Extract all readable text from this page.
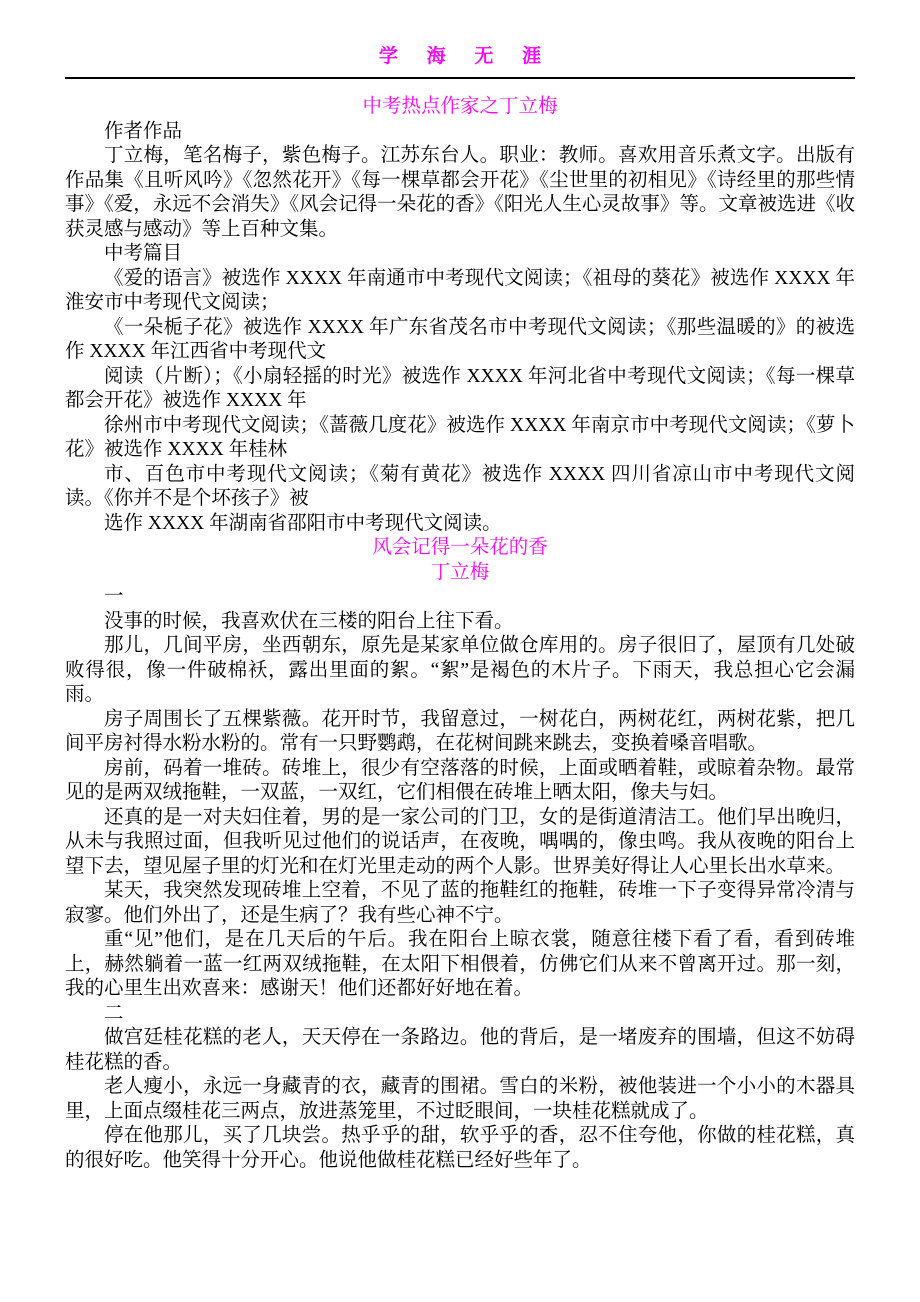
学 海 无 涯
中考热点作家之丁立梅
作者作品
丁立梅，笔名梅子，紫色梅子。江苏东台人。职业：教师。喜欢用音乐煮文字。出版有作品集《且听风吟》《忽然花开》《每一棵草都会开花》《尘世里的初相见》《诗经里的那些情事》《爱，永远不会消失》《风会记得一朵花的香》《阳光人生心灵故事》等。文章被选进《收获灵感与感动》等上百种文集。
中考篇目
《爱的语言》被选作 XXXX 年南通市中考现代文阅读；《祖母的葵花》被选作 XXXX 年淮安市中考现代文阅读；
《一朵栀子花》被选作 XXXX 年广东省茂名市中考现代文阅读；《那些温暖的》的被选作 XXXX 年江西省中考现代文
阅读（片断）；《小扇轻摇的时光》被选作 XXXX 年河北省中考现代文阅读；《每一棵草都会开花》被选作 XXXX 年
徐州市中考现代文阅读；《蔷薇几度花》被选作 XXXX 年南京市中考现代文阅读；《萝卜花》被选作 XXXX 年桂林
市、百色市中考现代文阅读；《菊有黄花》被选作 XXXX 四川省凉山市中考现代文阅读。《你并不是个坏孩子》被
选作 XXXX 年湖南省邵阳市中考现代文阅读。
风会记得一朵花的香
丁立梅
一
没事的时候，我喜欢伏在三楼的阳台上往下看。
那儿，几间平房，坐西朝东，原先是某家单位做仓库用的。房子很旧了，屋顶有几处破败得很，像一件破棉袄，露出里面的絮。“絮”是褐色的木片子。下雨天，我总担心它会漏雨。
房子周围长了五棵紫薇。花开时节，我留意过，一树花白，两树花红，两树花紫，把几间平房衬得水粉水粉的。常有一只野鹦鹉，在花树间跳来跳去，变换着嗓音唱歌。
房前，码着一堆砖。砖堆上，很少有空落落的时候，上面或晒着鞋，或晾着杂物。最常见的是两双绒拖鞋，一双蓝，一双红，它们相偎在砖堆上晒太阳，像夫与妇。
还真的是一对夫妇住着，男的是一家公司的门卫，女的是街道清洁工。他们早出晚归，从未与我照过面，但我听见过他们的说话声，在夜晚，喁喁的，像虫鸣。我从夜晚的阳台上望下去，望见屋子里的灯光和在灯光里走动的两个人影。世界美好得让人心里长出水草来。
某天，我突然发现砖堆上空着，不见了蓝的拖鞋红的拖鞋，砖堆一下子变得异常冷清与寂寥。他们外出了，还是生病了？我有些心神不宁。
重“见”他们，是在几天后的午后。我在阳台上晾衣裳，随意往楼下看了看，看到砖堆上，赫然躺着一蓝一红两双绒拖鞋，在太阳下相偎着，仿佛它们从来不曾离开过。那一刻，我的心里生出欢喜来：感谢天！他们还都好好地在着。
二
做宫廷桂花糕的老人，天天停在一条路边。他的背后，是一堵废弃的围墙，但这不妨碍桂花糕的香。
老人瘦小，永远一身藏青的衣，藏青的围裙。雪白的米粉，被他装进一个小小的木器具里，上面点缀桂花三两点，放进蒸笼里，不过眨眼间，一块桂花糕就成了。
停在他那儿，买了几块尝。热乎乎的甜，软乎乎的香，忍不住夸他，你做的桂花糕，真的很好吃。他笑得十分开心。他说他做桂花糕已经好些年了。
